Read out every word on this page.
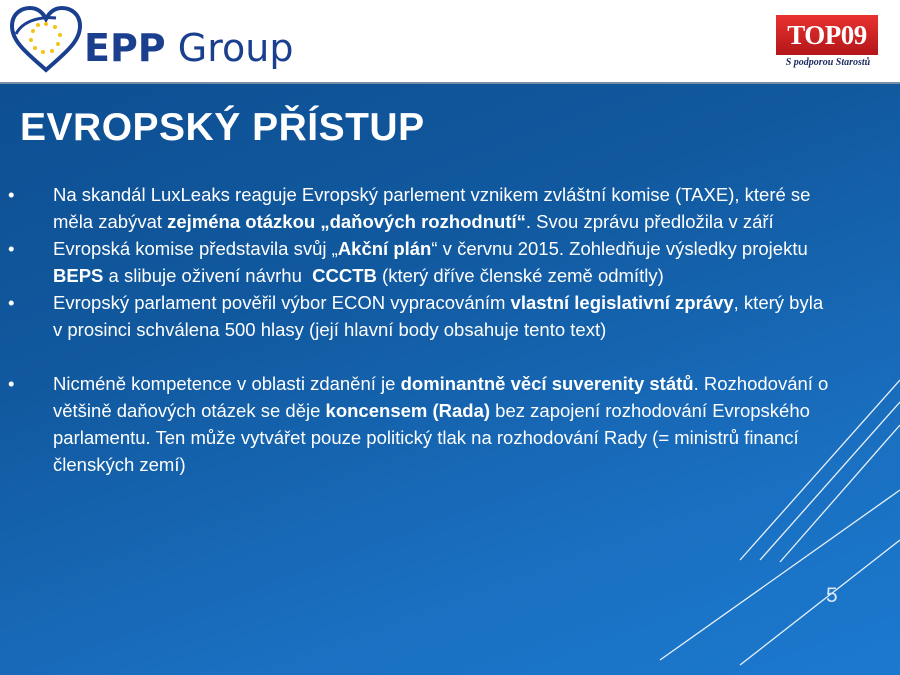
EPP Group	TOP09
S podporou Starostů
EVROPSKÝ PŘÍSTUP
• Na skandál LuxLeaks reaguje Evropský parlement vznikem zvláštní komise (TAXE), které se měla zabývat zejména otázkou „daňových rozhodnutí“. Svou zprávu předložila v září
• Evropská komise představila svůj „Akční plán“ v červnu 2015. Zohledňuje výsledky projektu BEPS a slibuje oživení návrhu  CCCTB (který dříve členské země odmítly)
• Evropský parlament pověřil výbor ECON vypracováním vlastní legislativní zprávy, který byla v prosinci schválena 500 hlasy (její hlavní body obsahuje tento text)
• Nicméně kompetence v oblasti zdanění je dominantně věcí suverenity států. Rozhodování o většině daňových otázek se děje koncensem (Rada) bez zapojení rozhodování Evropského parlamentu. Ten může vytvářet pouze politický tlak na rozhodování Rady (= ministrů financí členských zemí)
5
